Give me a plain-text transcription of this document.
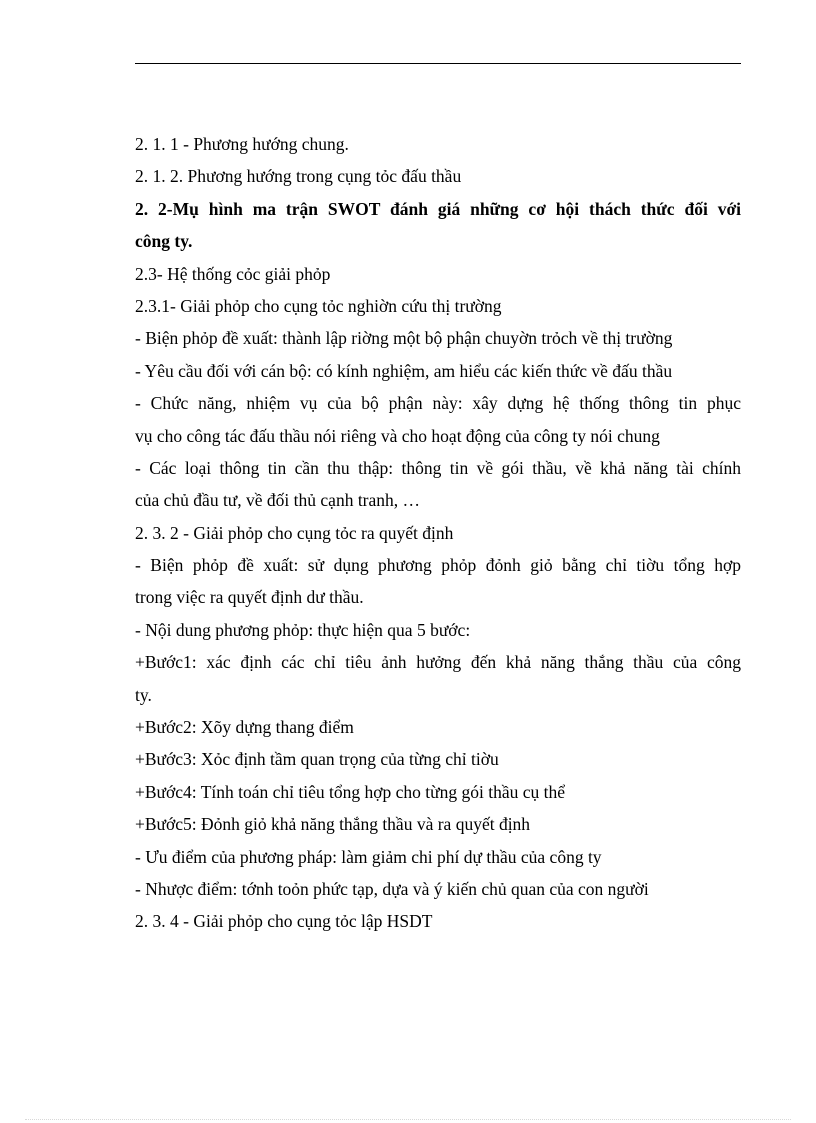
2. 1. 1 - Phương hướng chung.
2. 1. 2. Phương hướng trong cụng tỏc đấu thầu
2. 2-Mụ hình ma trận SWOT đánh giá những cơ hội thách thức đối với
công ty.
2.3- Hệ thống cỏc giải phỏp
2.3.1- Giải phỏp cho cụng tỏc nghiờn cứu thị trường
- Biện phỏp đề xuất: thành lập riờng một bộ phận chuyờn trỏch về thị trường
- Yêu cầu đối với cán bộ: có kính nghiệm, am hiểu các kiến thức về đấu thầu
- Chức năng, nhiệm vụ của bộ phận này: xây dựng hệ thống thông tin phục
vụ cho công tác đấu thầu nói riêng và cho hoạt động của công ty nói chung
- Các loại thông tin cần thu thập: thông tin về gói thầu, về khả năng tài chính
của chủ đầu tư, về đối thủ cạnh tranh, …
2. 3. 2 - Giải phỏp cho cụng tỏc ra quyết định
- Biện phỏp đề xuất: sử dụng phương phỏp đỏnh giỏ bằng chỉ tiờu tổng hợp
trong việc ra quyết định dư thầu.
- Nội dung phương phỏp: thực hiện qua 5 bước:
+Bước1: xác định các chỉ tiêu ảnh hưởng đến khả năng thắng thầu của công
ty.
+Bước2: Xõy dựng thang điểm
+Bước3: Xỏc định tầm quan trọng của từng chỉ tiờu
+Bước4: Tính toán chỉ tiêu tổng hợp cho từng gói thầu cụ thể
+Bước5: Đỏnh giỏ khả năng thắng thầu và ra quyết định
- Ưu điểm của phương pháp: làm giảm chi phí dự thầu của công ty
- Nhược điểm: tớnh toỏn phức tạp, dựa và ý kiến chủ quan của con người
2. 3. 4 - Giải phỏp cho cụng tỏc lập HSDT
